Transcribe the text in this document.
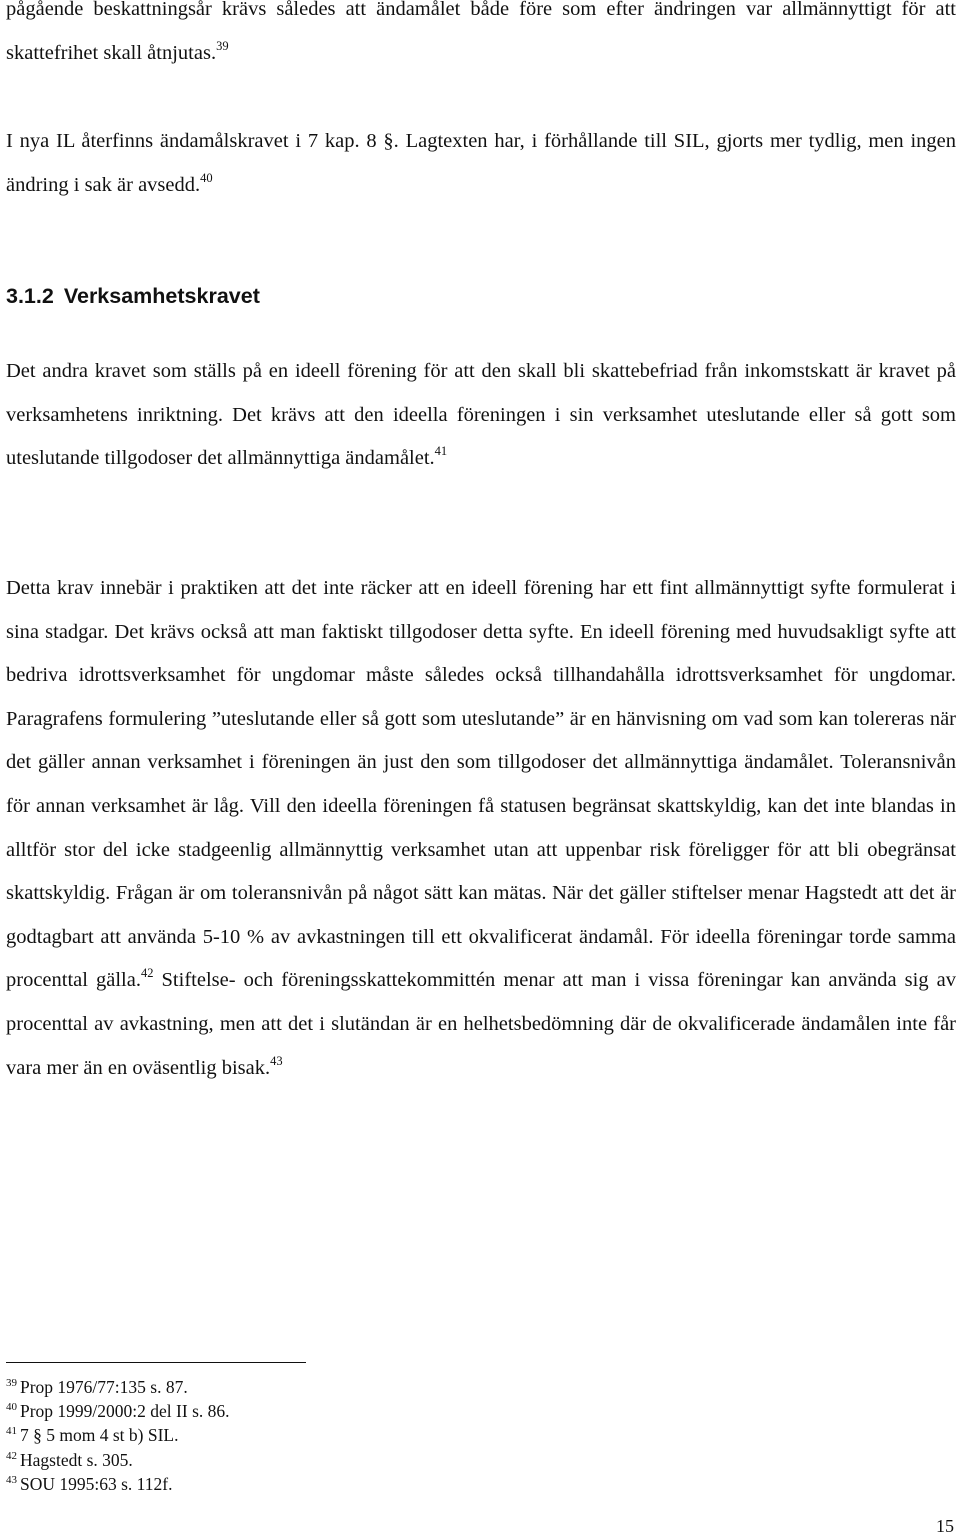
pågående beskattningsår krävs således att ändamålet både före som efter ändringen var allmännyttigt för att skattefrihet skall åtnjutas.$^{39}$

I nya IL återfinns ändamålskravet i 7 kap. 8 §. Lagtexten har, i förhållande till SIL, gjorts mer tydlig, men ingen ändring i sak är avsedd.$^{40}$

3.1.2 Verksamhetskravet

Det andra kravet som ställs på en ideell förening för att den skall bli skattebefriad från inkomstskatt är kravet på verksamhetens inriktning. Det krävs att den ideella föreningen i sin verksamhet uteslutande eller så gott som uteslutande tillgodoser det allmännyttiga ändamålet.$^{41}$

Detta krav innebär i praktiken att det inte räcker att en ideell förening har ett fint allmännyttigt syfte formulerat i sina stadgar. Det krävs också att man faktiskt tillgodoser detta syfte. En ideell förening med huvudsakligt syfte att bedriva idrottsverksamhet för ungdomar måste således också tillhandahålla idrottsverksamhet för ungdomar. Paragrafens formulering ”uteslutande eller så gott som uteslutande” är en hänvisning om vad som kan tolereras när det gäller annan verksamhet i föreningen än just den som tillgodoser det allmännyttiga ändamålet. Toleransnivån för annan verksamhet är låg. Vill den ideella föreningen få statusen begränsat skattskyldig, kan det inte blandas in alltför stor del icke stadgeenlig allmännyttig verksamhet utan att uppenbar risk föreligger för att bli obegränsat skattskyldig. Frågan är om toleransnivån på något sätt kan mätas. När det gäller stiftelser menar Hagstedt att det är godtagbart att använda 5-10 % av avkastningen till ett okvalificerat ändamål. För ideella föreningar torde samma procenttal gälla.$^{42}$ Stiftelse- och föreningsskattekommittén menar att man i vissa föreningar kan använda sig av procenttal av avkastning, men att det i slutändan är en helhetsbedömning där de okvalificerade ändamålen inte får vara mer än en oväsentlig bisak.$^{43}$

$^{39}$ Prop 1976/77:135 s. 87.
$^{40}$ Prop 1999/2000:2 del II s. 86.
$^{41}$ 7 § 5 mom 4 st b) SIL.
$^{42}$ Hagstedt s. 305.
$^{43}$ SOU 1995:63 s. 112f.
15
